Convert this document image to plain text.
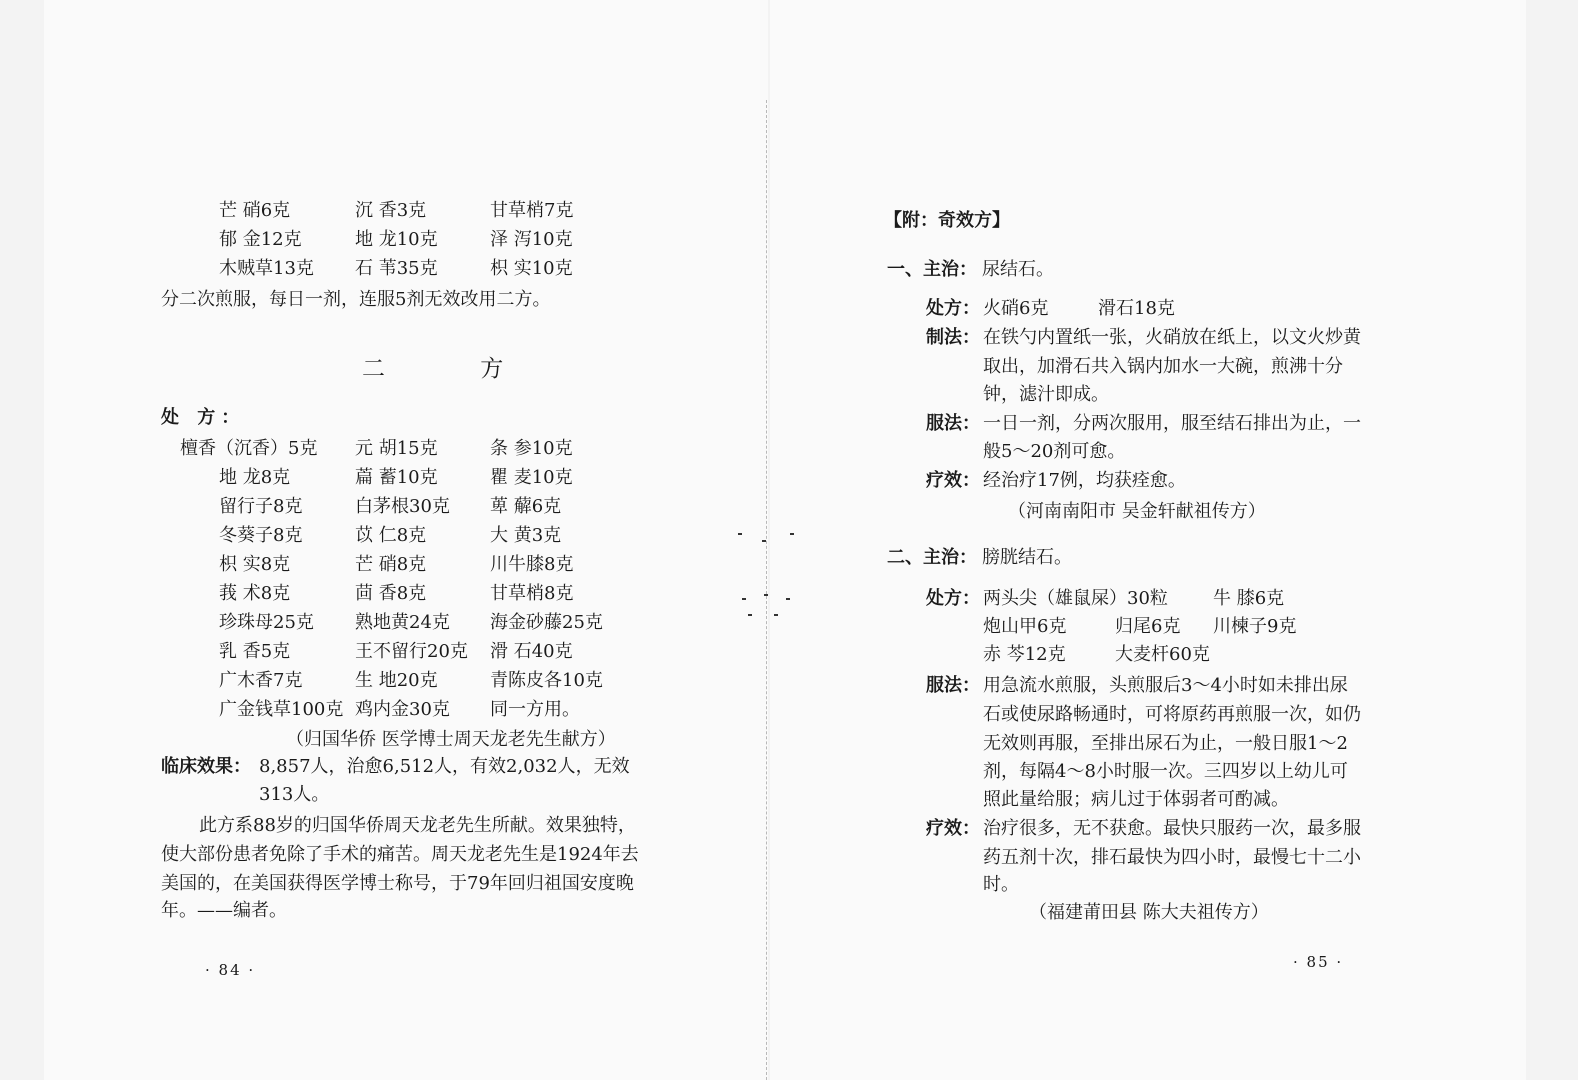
芒 硝6克	沉 香3克	甘草梢7克
郁 金12克	地 龙10克	泽 泻10克
木贼草13克 石 苇35克	枳 实10克
分二次煎服，每日一剂，连服5剂无效改用二方。
二 方
处 方：
檀香（沉香）5克 元 胡15克	条 参10克
地 龙8克	萹 蓄10克	瞿 麦10克
留行子8克	白茅根30克 萆 薢6克
冬葵子8克	苡 仁8克	大 黄3克
枳 实8克	芒 硝8克	川牛膝8克
莪 术8克	茴 香8克	甘草梢8克
珍珠母25克 熟地黄24克 海金砂藤25克
乳 香5克	王不留行20克 滑 石40克
广木香7克	生 地20克	青陈皮各10克
广金钱草100克 鸡内金30克 同一方用。
（归国华侨 医学博士周天龙老先生献方）
临床效果： 8,857人，治愈6,512人，有效2,032人，无效
313人。
此方系88岁的归国华侨周天龙老先生所献。效果独特，
使大部份患者免除了手术的痛苦。周天龙老先生是1924年去
美国的，在美国获得医学博士称号，于79年回归祖国安度晚
年。——编者。
· 84 ·
【附：奇效方】
一、主治： 尿结石。
处方： 火硝6克	滑石18克
制法： 在铁勺内置纸一张，火硝放在纸上，以文火炒黄
取出，加滑石共入锅内加水一大碗，煎沸十分
钟，滤汁即成。
服法： 一日一剂，分两次服用，服至结石排出为止，一
般5～20剂可愈。
疗效： 经治疗17例，均获痊愈。
（河南南阳市 吴金轩献祖传方）
二、主治： 膀胱结石。
处方： 两头尖（雄鼠屎）30粒	牛 膝6克
炮山甲6克	归尾6克 川楝子9克
赤 芩12克	大麦杆60克
服法： 用急流水煎服，头煎服后3～4小时如未排出尿
石或使尿路畅通时，可将原药再煎服一次，如仍
无效则再服，至排出尿石为止，一般日服1～2
剂，每隔4～8小时服一次。三四岁以上幼儿可
照此量给服；病儿过于体弱者可酌减。
疗效： 治疗很多，无不获愈。最快只服药一次，最多服
药五剂十次，排石最快为四小时，最慢七十二小
时。
（福建莆田县 陈大夫祖传方）
· 85 ·
